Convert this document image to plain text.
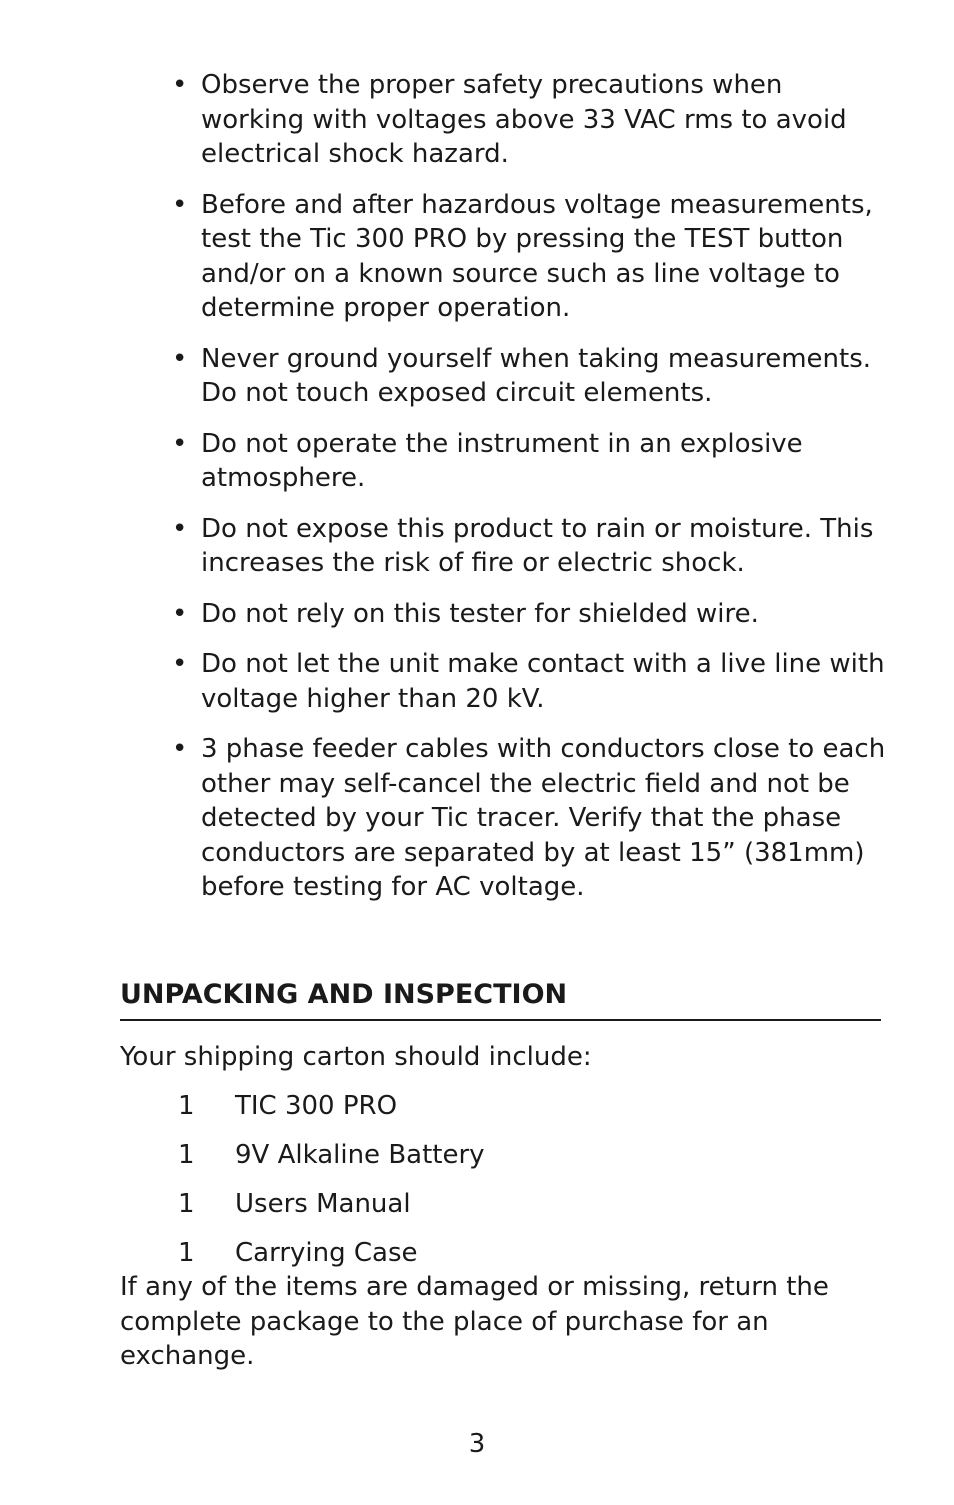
• Observe the proper safety precautions when working with voltages above 33 VAC rms to avoid electrical shock hazard.
• Before and after hazardous voltage measurements, test the Tic 300 PRO by pressing the TEST button and/or on a known source such as line voltage to determine proper operation.
• Never ground yourself when taking measurements. Do not touch exposed circuit elements.
• Do not operate the instrument in an explosive atmosphere.
• Do not expose this product to rain or moisture. This increases the risk of fire or electric shock.
• Do not rely on this tester for shielded wire.
• Do not let the unit make contact with a live line with voltage higher than 20 kV.
• 3 phase feeder cables with conductors close to each other may self-cancel the electric field and not be detected by your Tic tracer. Verify that the phase conductors are separated by at least 15” (381mm) before testing for AC voltage.
UNPACKING AND INSPECTION
Your shipping carton should include:
1 TIC 300 PRO
1 9V Alkaline Battery
1 Users Manual
1 Carrying Case
If any of the items are damaged or missing, return the complete package to the place of purchase for an exchange.
3
